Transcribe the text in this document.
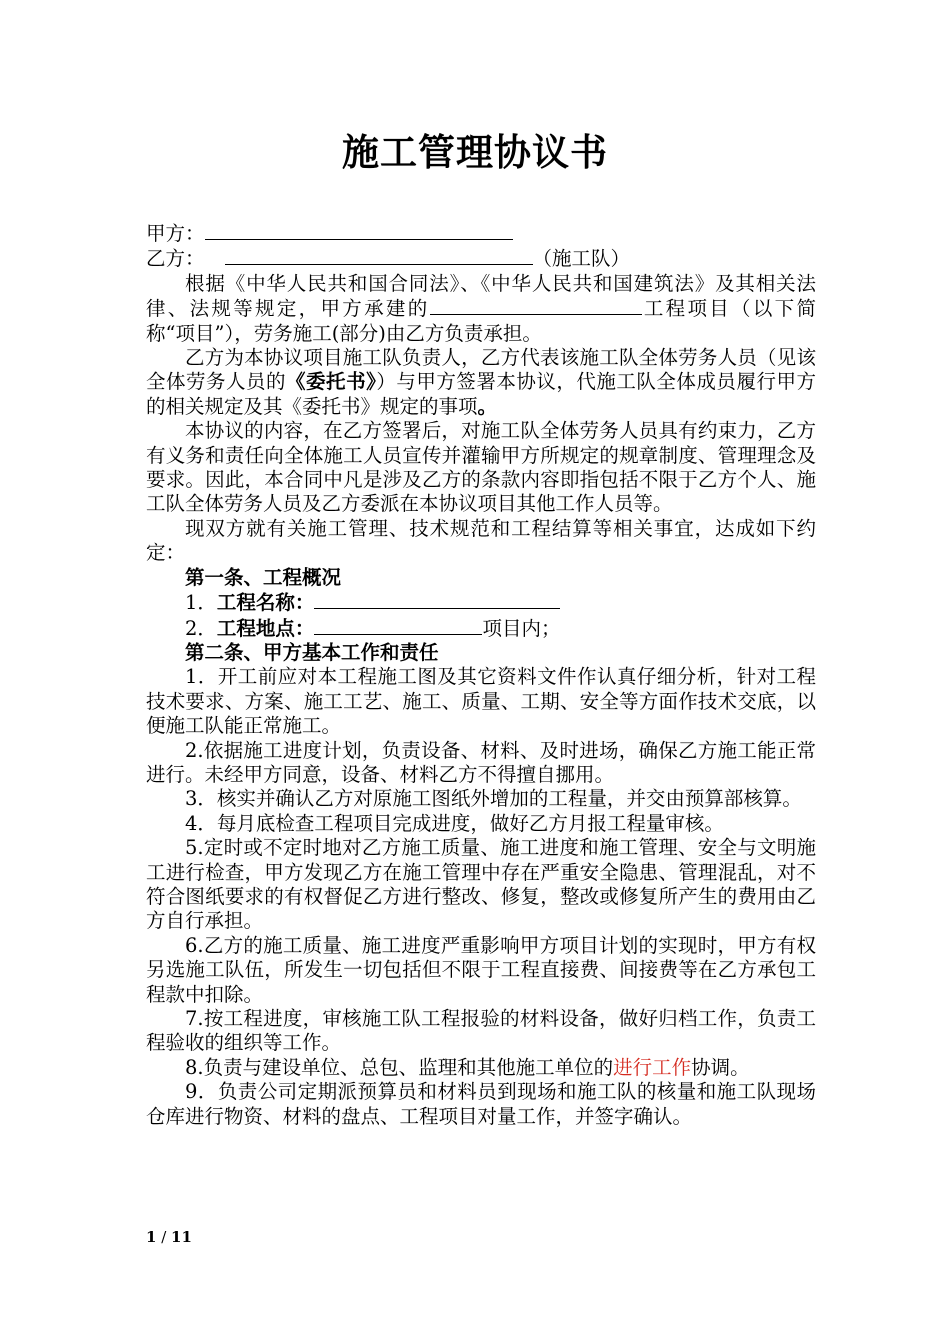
施工管理协议书

甲方：

乙方：	（施工队）

根据《中华人民共和国合同法》、《中华人民共和国建筑法》及其相关法律、法规等规定，甲方承建的	工程项目（以下简称“项目”），劳务施工(部分)由乙方负责承担。

乙方为本协议项目施工队负责人，乙方代表该施工队全体劳务人员（见该全体劳务人员的《委托书》）与甲方签署本协议，代施工队全体成员履行甲方的相关规定及其《委托书》规定的事项。

本协议的内容，在乙方签署后，对施工队全体劳务人员具有约束力，乙方有义务和责任向全体施工人员宣传并灌输甲方所规定的规章制度、管理理念及要求。因此，本合同中凡是涉及乙方的条款内容即指包括不限于乙方个人、施工队全体劳务人员及乙方委派在本协议项目其他工作人员等。

现双方就有关施工管理、技术规范和工程结算等相关事宜，达成如下约定：

第一条、工程概况

1．工程名称：

2．工程地点：	项目内；

第二条、甲方基本工作和责任

1．开工前应对本工程施工图及其它资料文件作认真仔细分析，针对工程技术要求、方案、施工工艺、施工、质量、工期、安全等方面作技术交底，以便施工队能正常施工。

2.依据施工进度计划，负责设备、材料、及时进场，确保乙方施工能正常进行。未经甲方同意，设备、材料乙方不得擅自挪用。

3．核实并确认乙方对原施工图纸外增加的工程量，并交由预算部核算。

4．每月底检查工程项目完成进度，做好乙方月报工程量审核。

5.定时或不定时地对乙方施工质量、施工进度和施工管理、安全与文明施工进行检查，甲方发现乙方在施工管理中存在严重安全隐患、管理混乱，对不符合图纸要求的有权督促乙方进行整改、修复，整改或修复所产生的费用由乙方自行承担。

6.乙方的施工质量、施工进度严重影响甲方项目计划的实现时，甲方有权另选施工队伍，所发生一切包括但不限于工程直接费、间接费等在乙方承包工程款中扣除。

7.按工程进度，审核施工队工程报验的材料设备，做好归档工作，负责工程验收的组织等工作。

8.负责与建设单位、总包、监理和其他施工单位的进行工作协调。

9．负责公司定期派预算员和材料员到现场和施工队的核量和施工队现场仓库进行物资、材料的盘点、工程项目对量工作，并签字确认。

1 / 11
